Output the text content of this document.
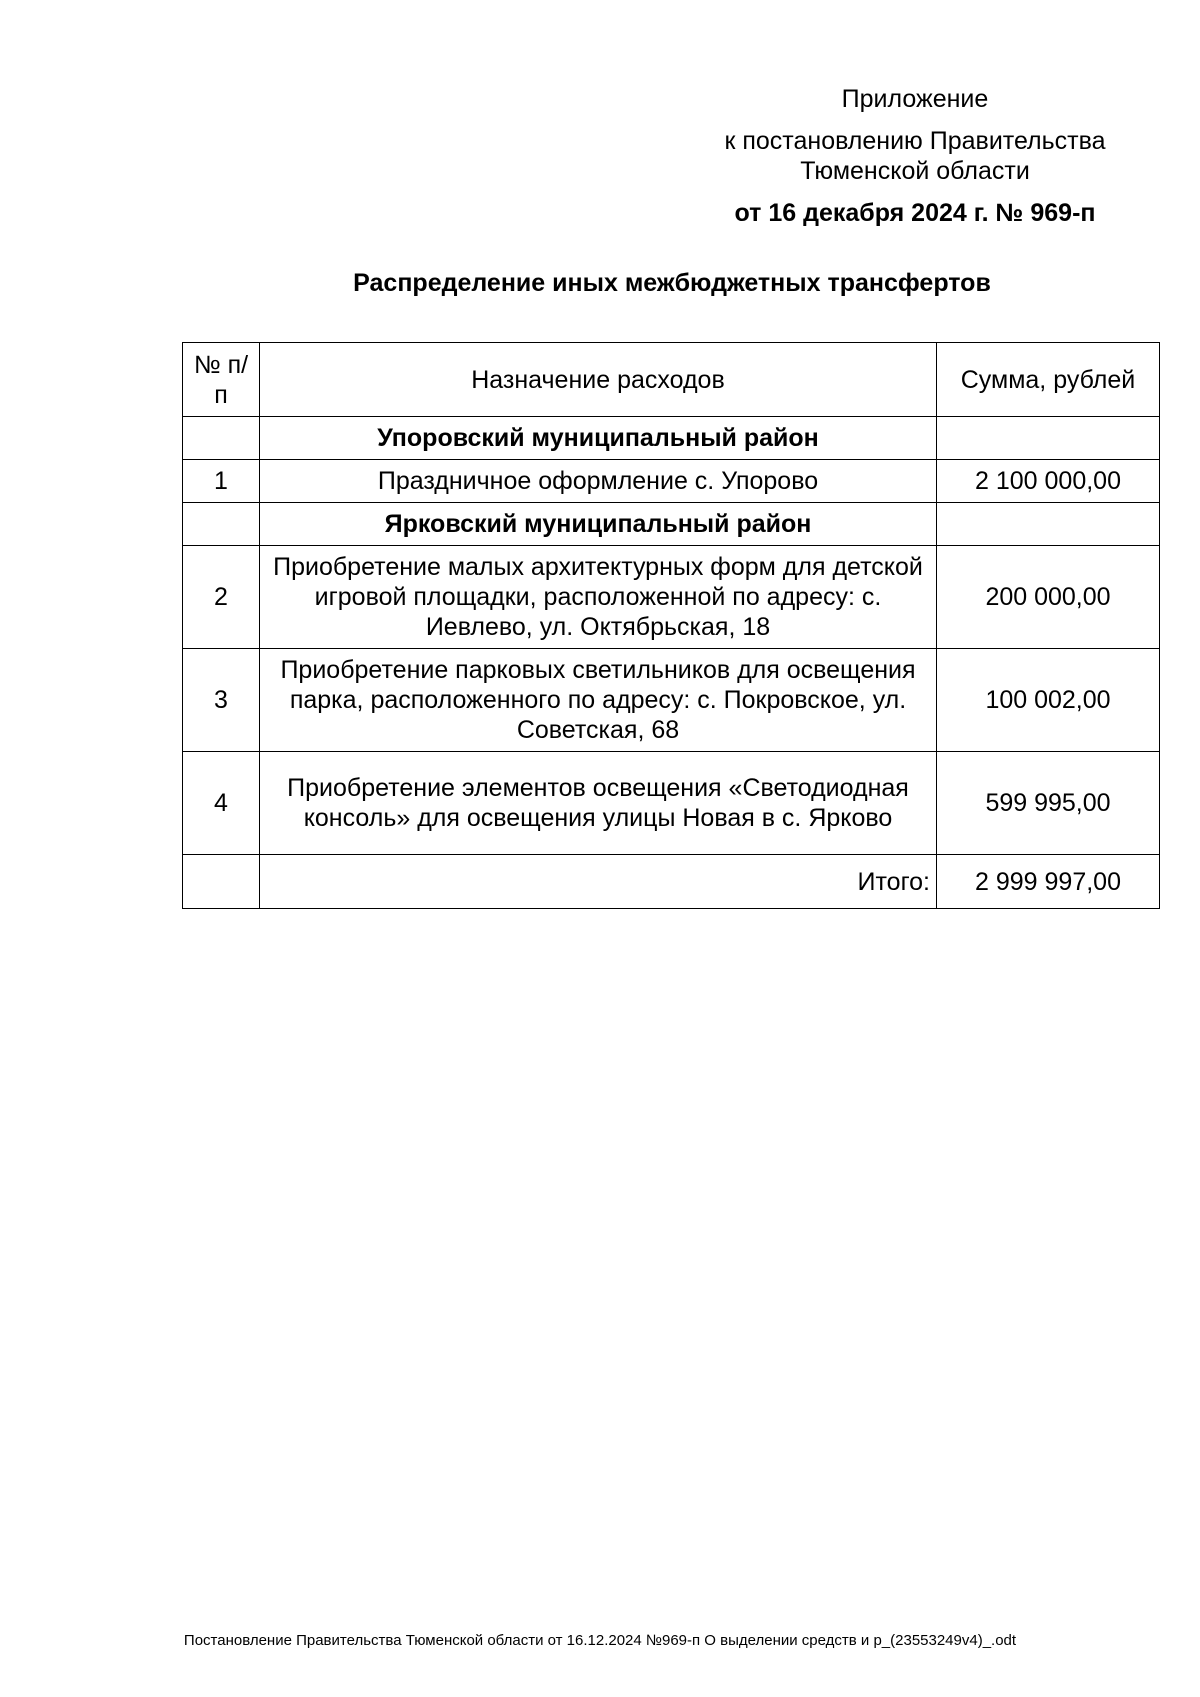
Приложение
к постановлению Правительства Тюменской области
от 16 декабря 2024 г. № 969-п
Распределение иных межбюджетных трансфертов
№ п/п	Назначение расходов	Сумма, рублей
	Упоровский муниципальный район	
1	Праздничное оформление с. Упорово	2 100 000,00
	Ярковский муниципальный район	
2	Приобретение малых архитектурных форм для детской игровой площадки, расположенной по адресу: с. Иевлево, ул. Октябрьская, 18	200 000,00
3	Приобретение парковых светильников для освещения парка, расположенного по адресу: с. Покровское, ул. Советская, 68	100 002,00
4	Приобретение элементов освещения «Светодиодная консоль» для освещения улицы Новая в с. Ярково	599 995,00
	Итого:	2 999 997,00
Постановление Правительства Тюменской области от 16.12.2024 №969-п О выделении средств и р_(23553249v4)_.odt
